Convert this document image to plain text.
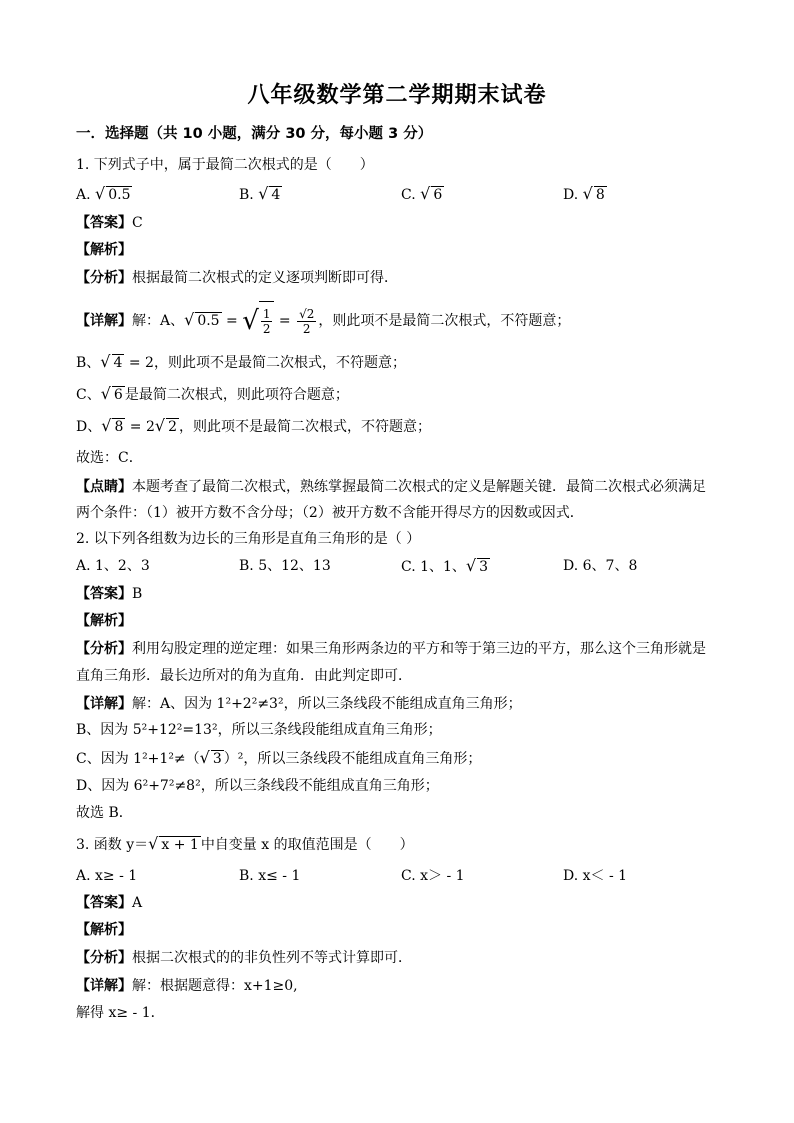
八年级数学第二学期期末试卷
一．选择题（共 10 小题，满分 30 分，每小题 3 分）
1. 下列式子中，属于最简二次根式的是（　　）
A. √ 0.5	B. √ 4	C. √ 6	D. √ 8
【答案】C
【解析】
【分析】根据最简二次根式的定义逐项判断即可得．
【详解】解：A、√ 0.5 = √ $\frac{1}{2} = \frac{√2}{2}$ ，则此项不是最简二次根式，不符题意；
B、√ 4 = 2，则此项不是最简二次根式，不符题意；
C、√ 6 是最简二次根式，则此项符合题意；
D、√ 8 = 2√ 2 ，则此项不是最简二次根式，不符题意；
故选：C．
【点睛】本题考查了最简二次根式，熟练掌握最简二次根式的定义是解题关键．最简二次根式必须满足
两个条件：（1）被开方数不含分母；（2）被开方数不含能开得尽方的因数或因式．
2. 以下列各组数为边长的三角形是直角三角形的是（ ）
A. 1、2、3	B. 5、12、13	C. 1、1、√ 3	D. 6、7、8
【答案】B
【解析】
【分析】利用勾股定理的逆定理：如果三角形两条边的平方和等于第三边的平方，那么这个三角形就是
直角三角形．最长边所对的角为直角．由此判定即可．
【详解】解：A、因为 1²+2²≠3²，所以三条线段不能组成直角三角形；
B、因为 5²+12²=13²，所以三条线段能组成直角三角形；
C、因为 1²+1²≠（√ 3 ）²，所以三条线段不能组成直角三角形；
D、因为 6²+7²≠8²，所以三条线段不能组成直角三角形；
故选 B．
3. 函数 y＝√ x + 1 中自变量 x 的取值范围是（　　）
A. x≥ - 1	B. x≤ - 1	C. x＞ - 1	D. x＜ - 1
【答案】A
【解析】
【分析】根据二次根式的的非负性列不等式计算即可．
【详解】解：根据题意得：x+1≥0,
解得 x≥ - 1．
